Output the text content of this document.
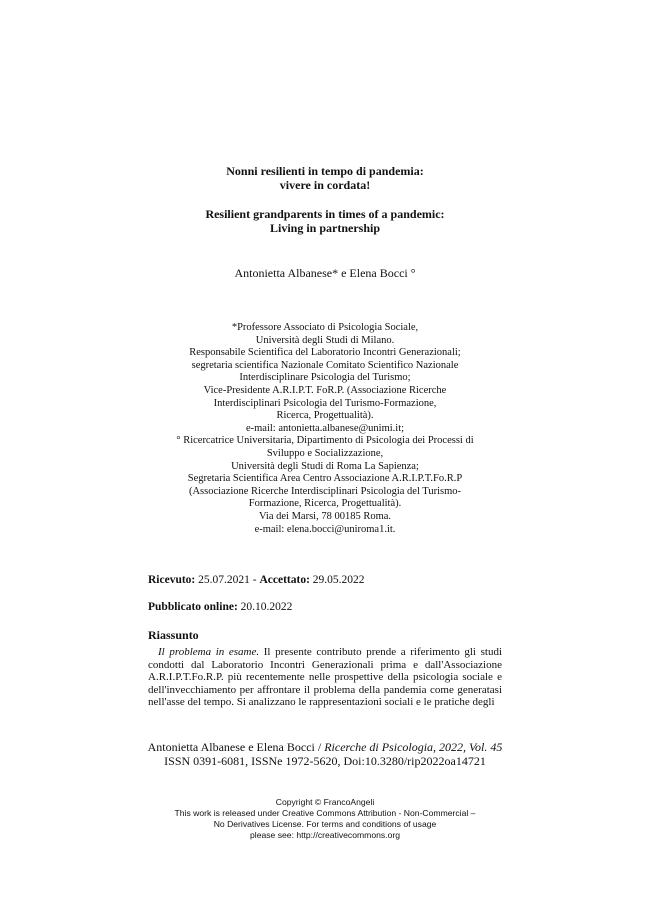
Nonni resilienti in tempo di pandemia:
vivere in cordata!
Resilient grandparents in times of a pandemic:
Living in partnership
Antonietta Albanese* e Elena Bocci °
*Professore Associato di Psicologia Sociale,
Università degli Studi di Milano.
Responsabile Scientifica del Laboratorio Incontri Generazionali;
segretaria scientifica Nazionale Comitato Scientifico Nazionale
Interdisciplinare Psicologia del Turismo;
Vice-Presidente A.R.I.P.T. FoR.P. (Associazione Ricerche
Interdisciplinari Psicologia del Turismo-Formazione,
Ricerca, Progettualità).
e-mail: antonietta.albanese@unimi.it;
° Ricercatrice Universitaria, Dipartimento di Psicologia dei Processi di
Sviluppo e Socializzazione,
Università degli Studi di Roma La Sapienza;
Segretaria Scientifica Area Centro Associazione A.R.I.P.T.Fo.R.P
(Associazione Ricerche Interdisciplinari Psicologia del Turismo-
Formazione, Ricerca, Progettualità).
Via dei Marsi, 78 00185 Roma.
e-mail: elena.bocci@uniroma1.it.
Ricevuto: 25.07.2021 - Accettato: 29.05.2022
Pubblicato online: 20.10.2022
Riassunto
Il problema in esame. Il presente contributo prende a riferimento gli studi condotti dal Laboratorio Incontri Generazionali prima e dall'Associazione A.R.I.P.T.Fo.R.P. più recentemente nelle prospettive della psicologia sociale e dell'invecchiamento per affrontare il problema della pandemia come generatasi nell'asse del tempo. Si analizzano le rappresentazioni sociali e le pratiche degli
Antonietta Albanese e Elena Bocci / Ricerche di Psicologia, 2022, Vol. 45
ISSN 0391-6081, ISSNe 1972-5620, Doi:10.3280/rip2022oa14721
Copyright © FrancoAngeli
This work is released under Creative Commons Attribution - Non-Commercial –
No Derivatives License. For terms and conditions of usage
please see: http://creativecommons.org
